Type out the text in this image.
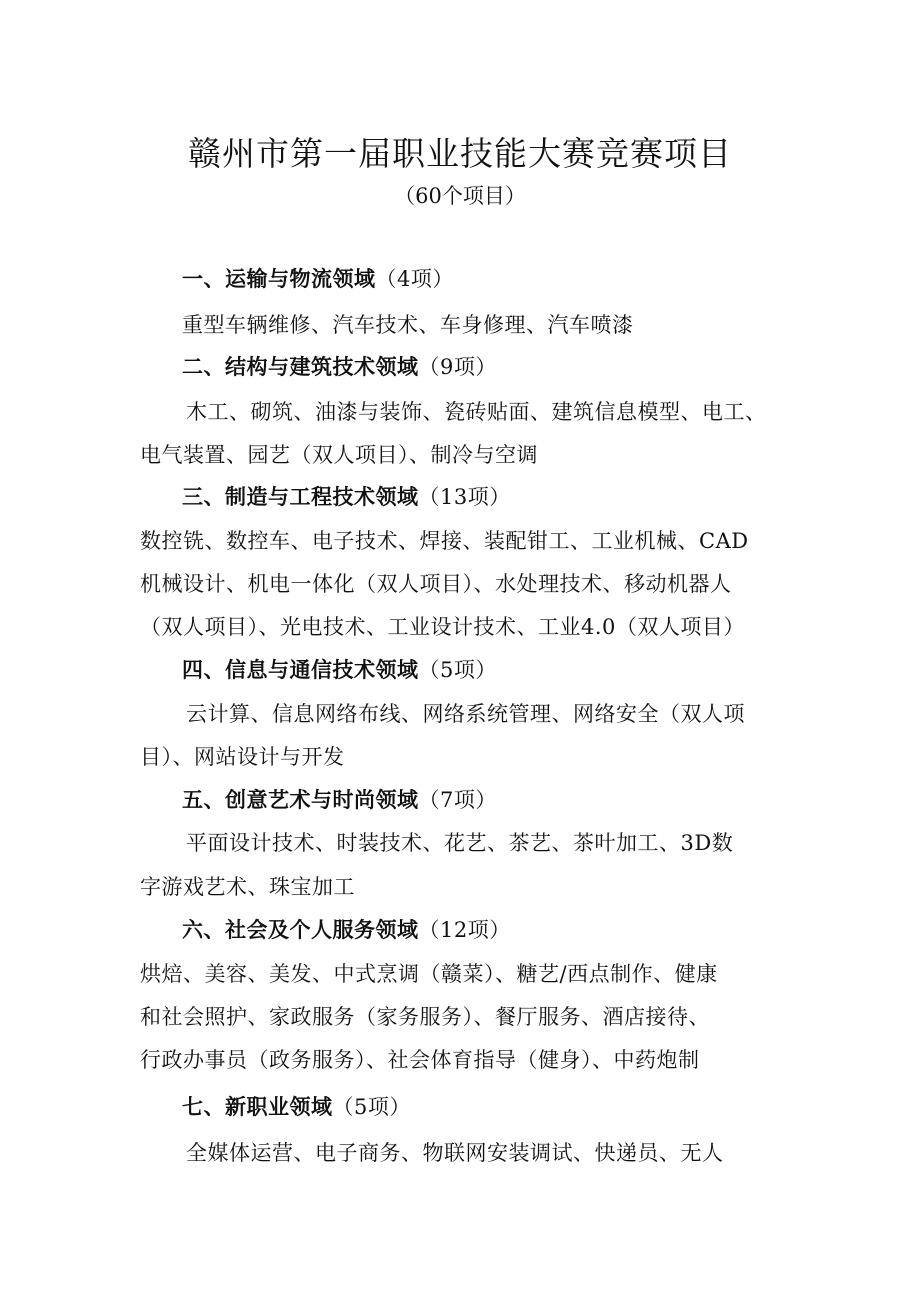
赣州市第一届职业技能大赛竞赛项目
（60个项目）
一、运输与物流领域（4项）
重型车辆维修、汽车技术、车身修理、汽车喷漆
二、结构与建筑技术领域（9项）
木工、砌筑、油漆与装饰、瓷砖贴面、建筑信息模型、电工、
电气装置、园艺（双人项目）、制冷与空调
三、制造与工程技术领域（13项）
数控铣、数控车、电子技术、焊接、装配钳工、工业机械、CAD
机械设计、机电一体化（双人项目）、水处理技术、移动机器人
（双人项目）、光电技术、工业设计技术、工业4.0（双人项目）
四、信息与通信技术领域（5项）
云计算、信息网络布线、网络系统管理、网络安全（双人项
目）、网站设计与开发
五、创意艺术与时尚领域（7项）
平面设计技术、时装技术、花艺、茶艺、茶叶加工、3D数
字游戏艺术、珠宝加工
六、社会及个人服务领域（12项）
烘焙、美容、美发、中式烹调（赣菜）、糖艺/西点制作、健康
和社会照护、家政服务（家务服务）、餐厅服务、酒店接待、
行政办事员（政务服务）、社会体育指导（健身）、中药炮制
七、新职业领域（5项）
全媒体运营、电子商务、物联网安装调试、快递员、无人
